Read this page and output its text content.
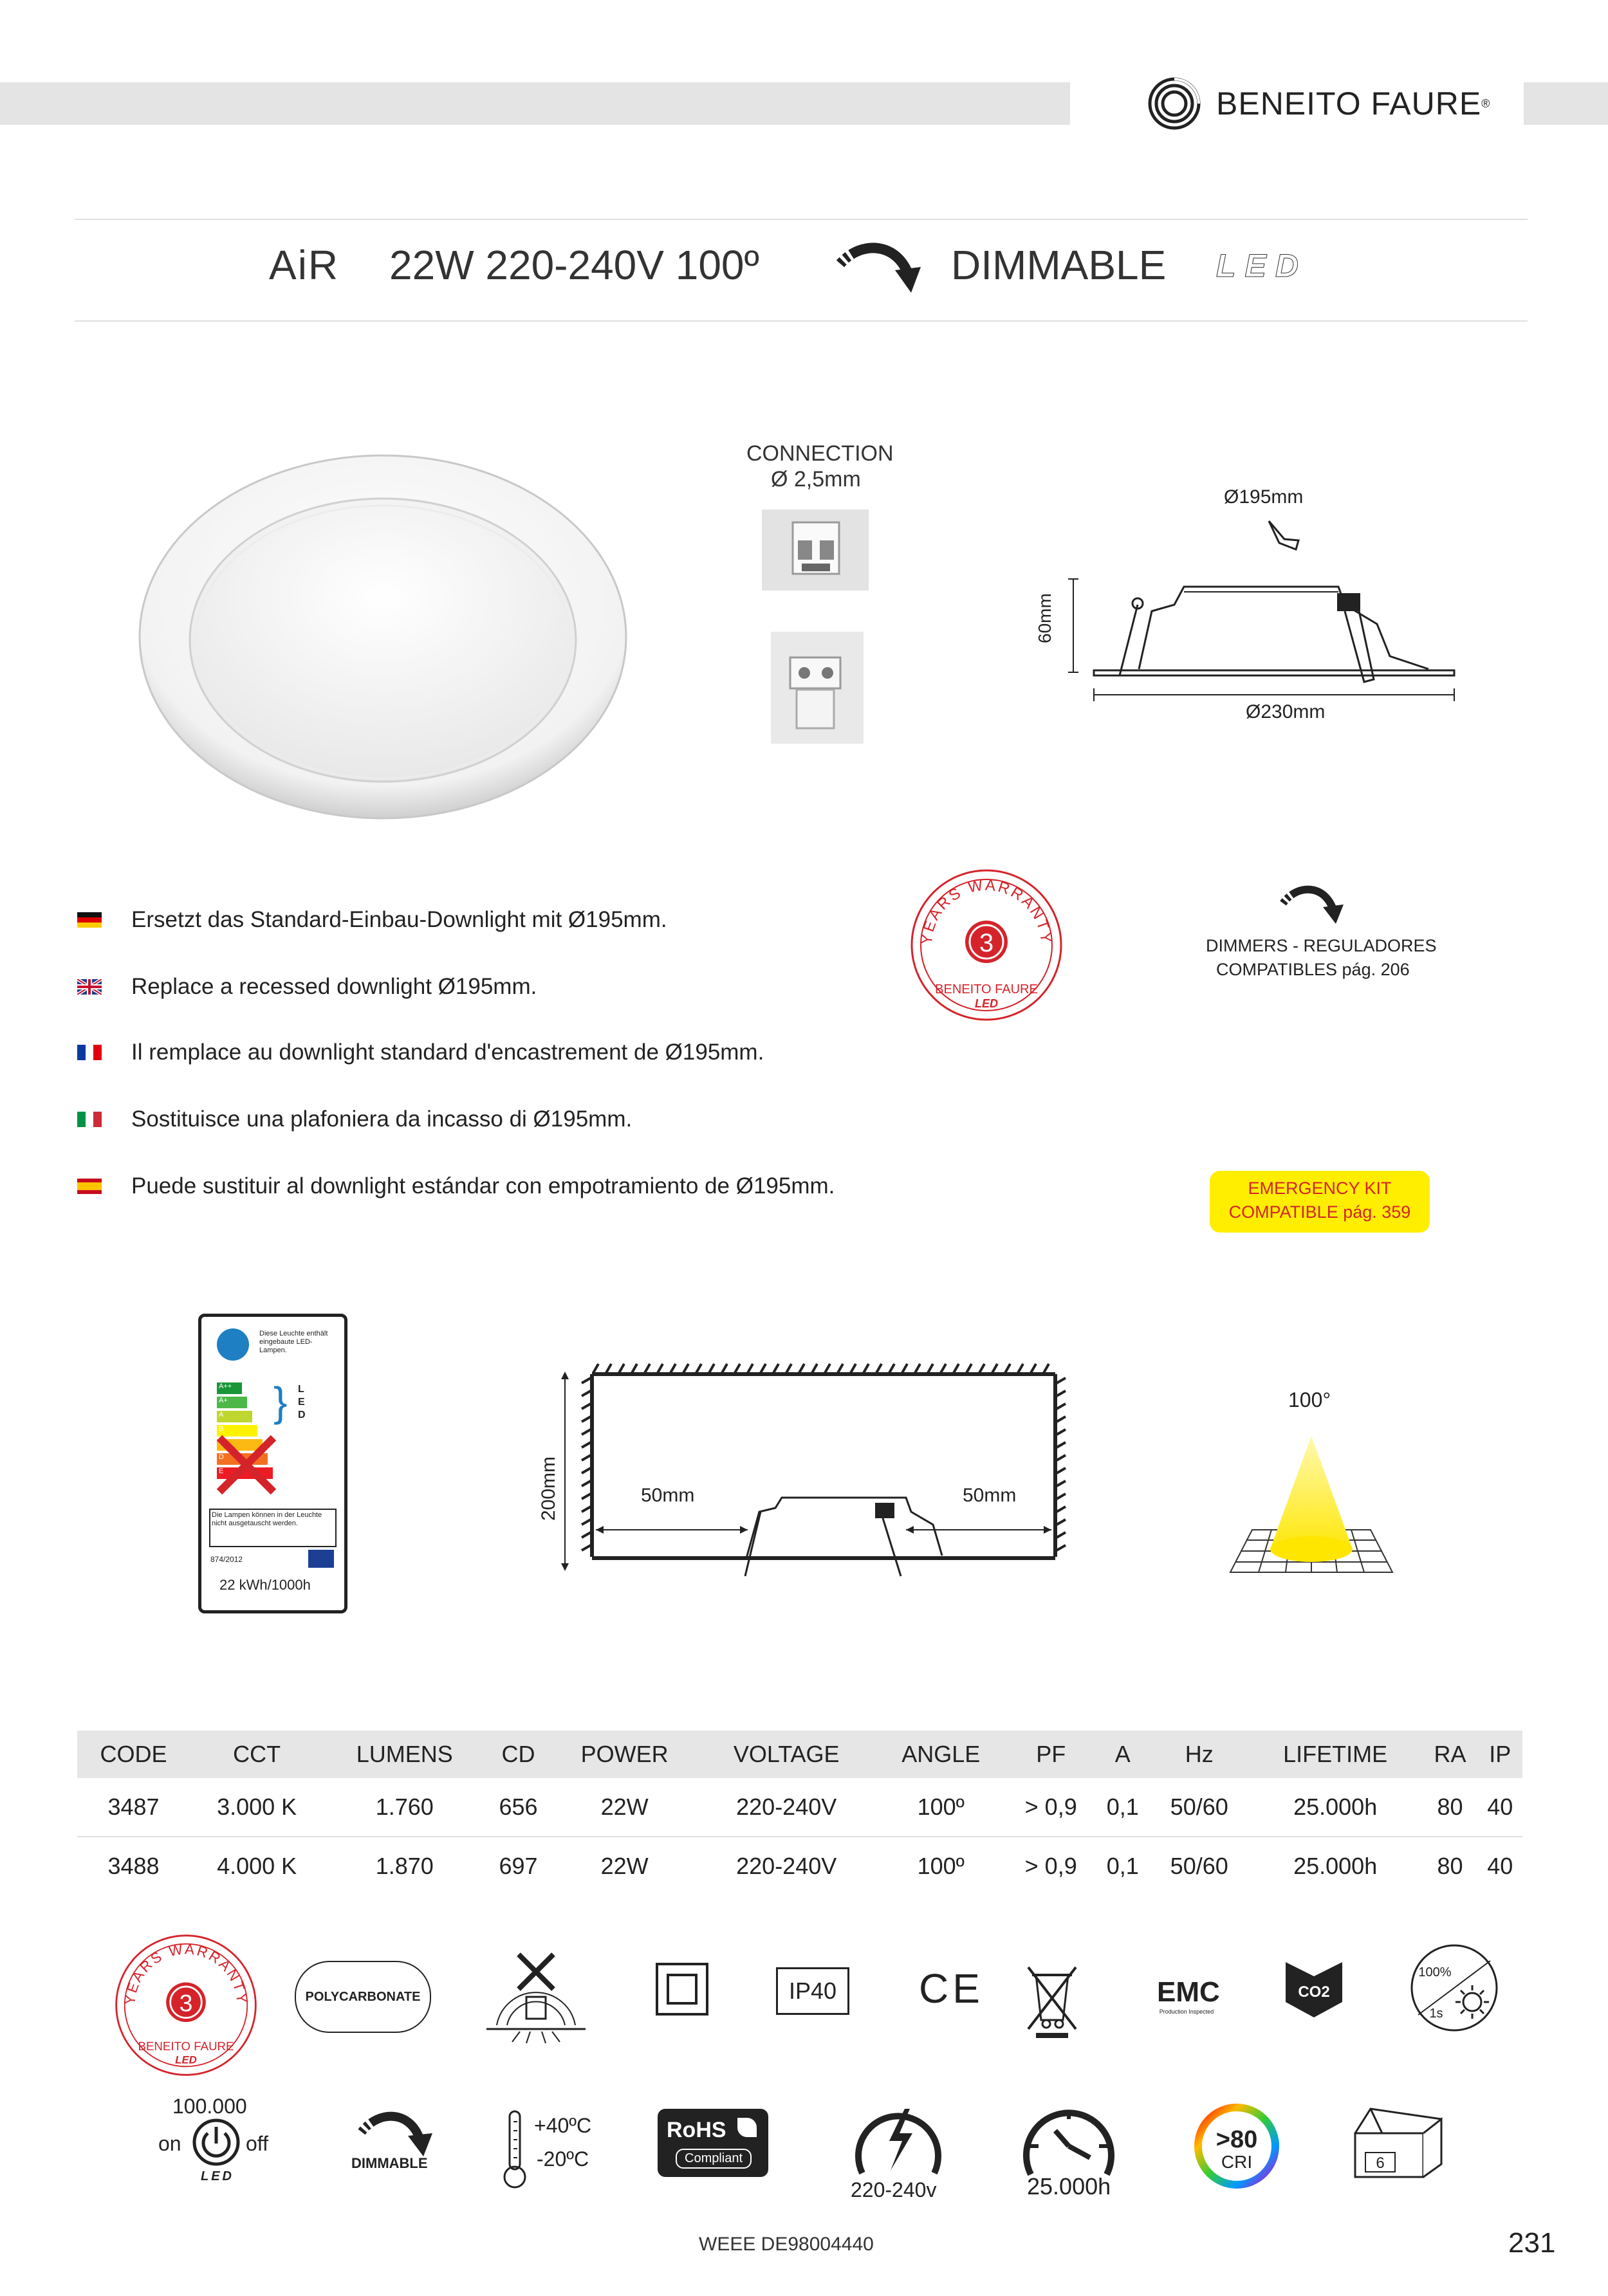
BENEITO FAURE ®
AiR 22W 220-240V 100º	DIMMABLE LED
CONNECTION
Ø 2,5mm
Ø195mm
60mm
Ø230mm
Ersetzt das Standard-Einbau-Downlight mit Ø195mm.
Replace a recessed downlight Ø195mm.
Il remplace au downlight standard d'encastrement de Ø195mm.
Sostituisce una plafoniera da incasso di Ø195mm.
Puede sustituir al downlight estándar con empotramiento de Ø195mm.
3
YEARS WARRANTY
BENEITO FAURE
LED
DIMMERS - REGULADORES
COMPATIBLES pág. 206
EMERGENCY KIT
COMPATIBLE pág. 359
Diese Leuchte enthält eingebaute LED-Lampen.
A++
A+
A
B
D
E
} L
E
D
Die Lampen können in der Leuchte nicht ausgetauscht werden.
874/2012
22 kWh/1000h
200mm	50mm	50mm
100°
CODE	CCT	LUMENS	CD	POWER	VOLTAGE	ANGLE	PF	A	Hz	LIFETIME	RA	IP
3487	3.000 K	1.760	656	22W	220-240V	100º	> 0,9	0,1	50/60	25.000h	80	40
3488	4.000 K	1.870	697	22W	220-240V	100º	> 0,9	0,1	50/60	25.000h	80	40
3
YEARS WARRANTY
BENEITO FAURE
LED
POLYCARBONATE	IP40	CE	EMC
Production Inspected
CO2
100%
1s
100.000
on	off
LED
DIMMABLE
+40ºC
-20ºC
RoHS
Compliant
220-240v	25.000h
>80
CRI	6
WEEE DE98004440	231
